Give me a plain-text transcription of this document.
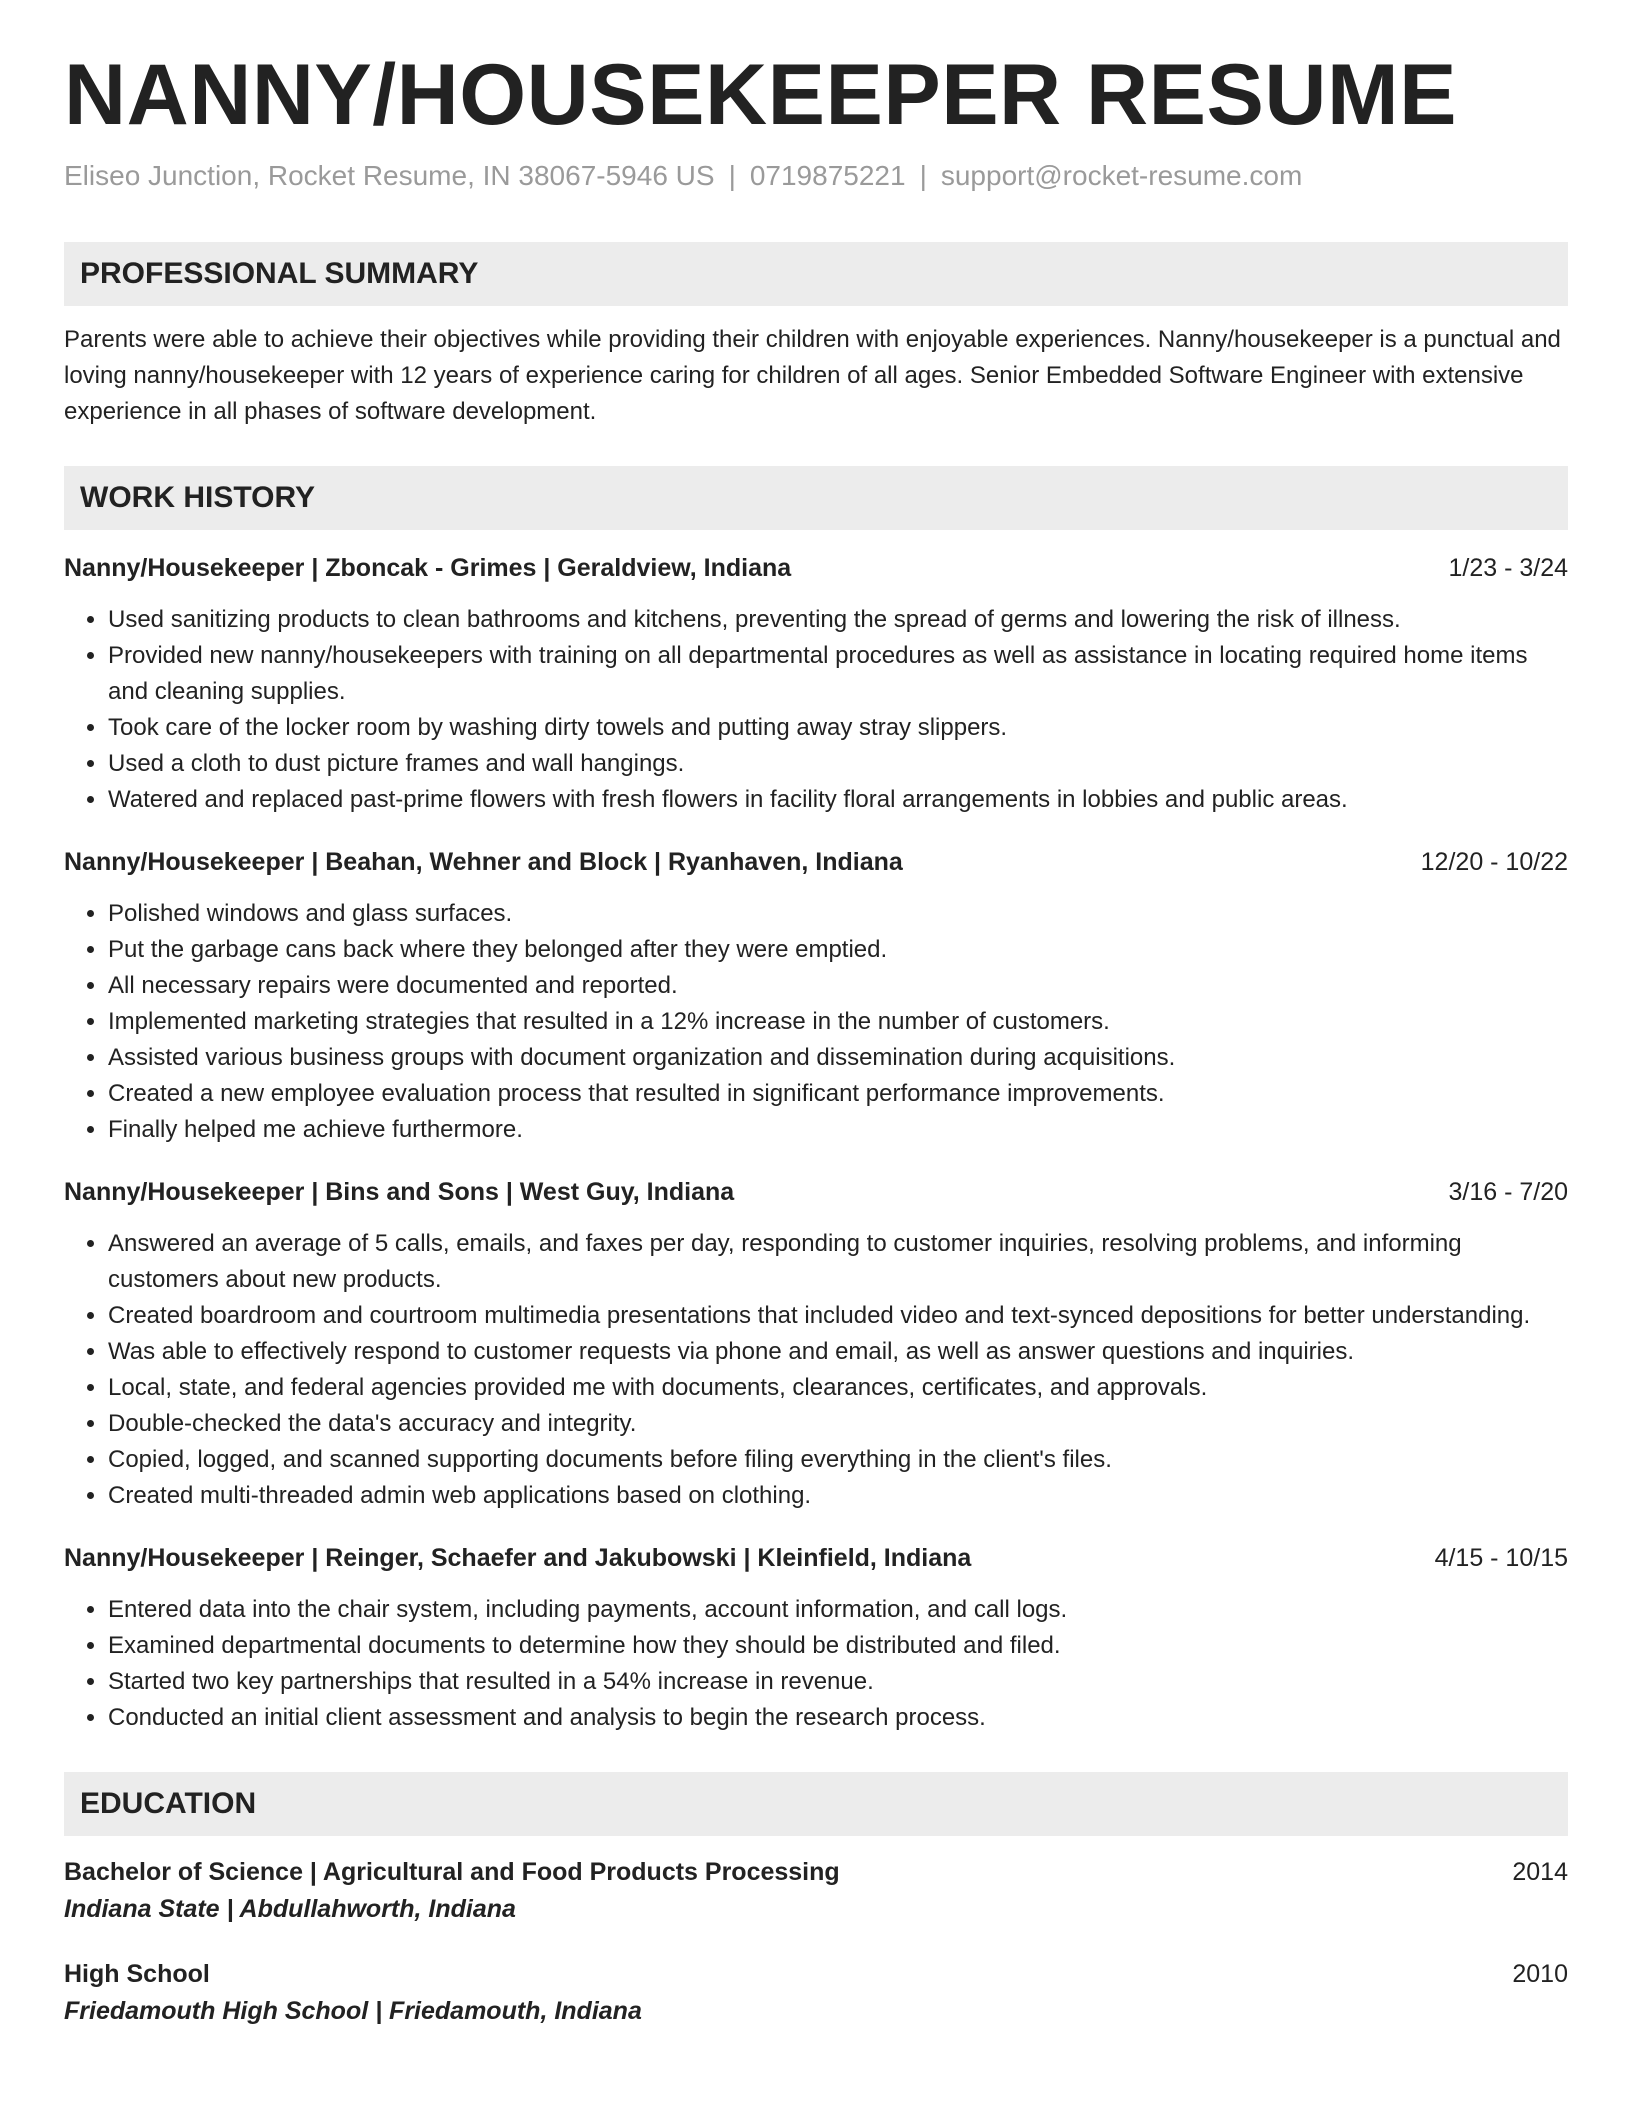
NANNY/HOUSEKEEPER RESUME
Eliseo Junction, Rocket Resume, IN 38067-5946 US | 0719875221 | support@rocket-resume.com
PROFESSIONAL SUMMARY

Parents were able to achieve their objectives while providing their children with enjoyable experiences. Nanny/housekeeper is a punctual and loving nanny/housekeeper with 12 years of experience caring for children of all ages. Senior Embedded Software Engineer with extensive experience in all phases of software development.

WORK HISTORY
Nanny/Housekeeper | Zboncak - Grimes | Geraldview, Indiana	1/23 - 3/24
• Used sanitizing products to clean bathrooms and kitchens, preventing the spread of germs and lowering the risk of illness.
• Provided new nanny/housekeepers with training on all departmental procedures as well as assistance in locating required home items and cleaning supplies.
• Took care of the locker room by washing dirty towels and putting away stray slippers.
• Used a cloth to dust picture frames and wall hangings.
• Watered and replaced past-prime flowers with fresh flowers in facility floral arrangements in lobbies and public areas.
Nanny/Housekeeper | Beahan, Wehner and Block | Ryanhaven, Indiana	12/20 - 10/22
• Polished windows and glass surfaces.
• Put the garbage cans back where they belonged after they were emptied.
• All necessary repairs were documented and reported.
• Implemented marketing strategies that resulted in a 12% increase in the number of customers.
• Assisted various business groups with document organization and dissemination during acquisitions.
• Created a new employee evaluation process that resulted in significant performance improvements.
• Finally helped me achieve furthermore.
Nanny/Housekeeper | Bins and Sons | West Guy, Indiana	3/16 - 7/20
• Answered an average of 5 calls, emails, and faxes per day, responding to customer inquiries, resolving problems, and informing customers about new products.
• Created boardroom and courtroom multimedia presentations that included video and text-synced depositions for better understanding.
• Was able to effectively respond to customer requests via phone and email, as well as answer questions and inquiries.
• Local, state, and federal agencies provided me with documents, clearances, certificates, and approvals.
• Double-checked the data's accuracy and integrity.
• Copied, logged, and scanned supporting documents before filing everything in the client's files.
• Created multi-threaded admin web applications based on clothing.
Nanny/Housekeeper | Reinger, Schaefer and Jakubowski | Kleinfield, Indiana	4/15 - 10/15
• Entered data into the chair system, including payments, account information, and call logs.
• Examined departmental documents to determine how they should be distributed and filed.
• Started two key partnerships that resulted in a 54% increase in revenue.
• Conducted an initial client assessment and analysis to begin the research process.
EDUCATION
Bachelor of Science | Agricultural and Food Products Processing	2014
Indiana State | Abdullahworth, Indiana
High School	2010
Friedamouth High School | Friedamouth, Indiana
